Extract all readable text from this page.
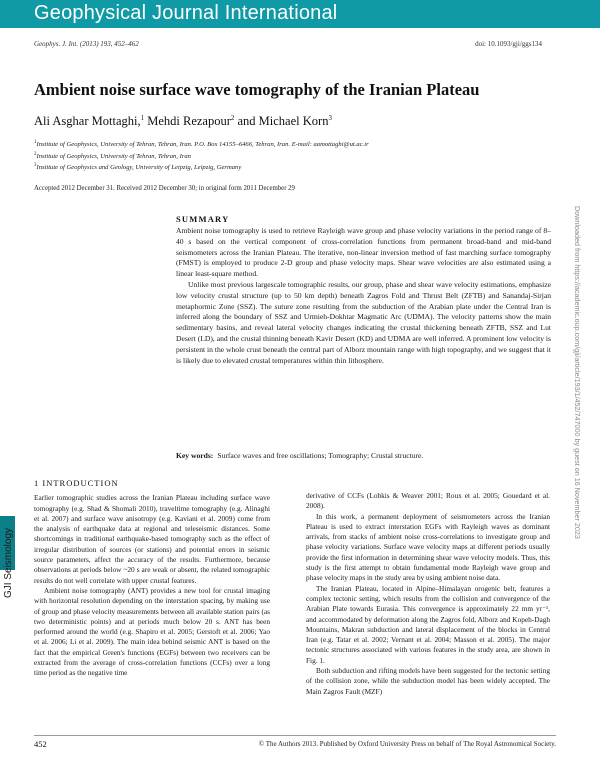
Geophysical Journal International
Geophys. J. Int. (2013) 193, 452–462	doi: 10.1093/gji/ggs134
Ambient noise surface wave tomography of the Iranian Plateau
Ali Asghar Mottaghi,$^1$ Mehdi Rezapour$^2$ and Michael Korn$^3$
$^1$Institute of Geophysics, University of Tehran, Tehran, Iran. P.O. Box 14155–6466, Tehran, Iran. E-mail: aamottaghi@ut.ac.ir
$^2$Institute of Geophysics, University of Tehran, Tehran, Iran
$^3$Institute of Geophysics and Geology, University of Leipzig, Leipzig, Germany
Accepted 2012 December 31. Received 2012 December 30; in original form 2011 December 29
SUMMARY

Ambient noise tomography is used to retrieve Rayleigh wave group and phase velocity variations in the period range of 8–40 s based on the vertical component of cross-correlation functions from permanent broad-band and mid-band seismometers across the Iranian Plateau. The iterative, non-linear inversion method of fast marching surface tomography (FMST) is employed to produce 2-D group and phase velocity maps. Shear wave velocities are also estimated using a linear least-square method.

Unlike most previous largescale tomographic results, our group, phase and shear wave velocity estimations, emphasize low velocity crustal structure (up to 50 km depth) beneath Zagros Fold and Thrust Belt (ZFTB) and Sanandaj-Sirjan metaphormic Zone (SSZ). The suture zone resulting from the subduction of the Arabian plate under the Central Iran is inferred along the boundary of SSZ and Urmieh-Dokhtar Magmatic Arc (UDMA). The velocity patterns show the main sedimentary basins, and reveal lateral velocity changes indicating the crustal thickening beneath ZFTB, SSZ and Lut Desert (LD), and the crustal thinning beneath Kavir Desert (KD) and UDMA are well inferred. A prominent low velocity is persistent in the whole crust beneath the central part of Alborz mountain range with high topography, and we suggest that it is likely due to elevated crustal temperatures within thin lithosphere.

Key words: Surface waves and free oscillations; Tomography; Crustal structure.
GJI Seismology
Downloaded from https://academic.oup.com/gji/article/193/1/452/747000 by guest on 16 November 2023
1 INTRODUCTION

Earlier tomographic studies across the Iranian Plateau including surface wave tomography (e.g. Shad & Shomali 2010), traveltime tomography (e.g. Alinaghi et al. 2007) and surface wave anisotropy (e.g. Kaviani et al. 2009) come from the analysis of earthquake data at regional and teleseismic distances. Some shortcomings in traditional earthquake-based tomography such as the effect of irregular distribution of sources (or stations) and potential errors in seismic source parameters, affect the accuracy of the results. Furthermore, because observations at periods below ~20 s are weak or absent, the related tomographic results do not well correlate with upper crustal features.

Ambient noise tomography (ANT) provides a new tool for crustal imaging with horizontal resolution depending on the interstation spacing, by making use of group and phase velocity measurements between all available station pairs (as two deterministic points) and at periods much below 20 s. ANT has been performed around the world (e.g. Shapiro et al. 2005; Gerstoft et al. 2006; Yao et al. 2006; Li et al. 2009). The main idea behind seismic ANT is based on the fact that the empirical Green's functions (EGFs) between two receivers can be extracted from the average of cross-correlation functions (CCFs) over a long time period as the negative time

derivative of CCFs (Lobkis & Weaver 2001; Roux et al. 2005; Gouedard et al. 2008).

In this work, a permanent deployment of seismometers across the Iranian Plateau is used to extract interstation EGFs with Rayleigh waves as dominant arrivals, from stacks of ambient noise cross-correlations to investigate group and phase velocity variations. Surface wave velocity maps at different periods usually provide the first information in determining shear wave velocity models. Thus, this study is the first attempt to obtain fundamental mode Rayleigh wave group and phase velocity maps in the study area by using ambient noise data.

The Iranian Plateau, located in Alpine–Himalayan orogenic belt, features a complex tectonic setting, which results from the collision and convergence of the Arabian Plate towards Eurasia. This convergence is approximately 22 mm yr⁻¹, and accommodated by deformation along the Zagros fold, Alborz and Kopeh-Dagh Mountains, Makran subduction and lateral displacement of the blocks in Central Iran (e.g. Tatar et al. 2002; Vernant et al. 2004; Masson et al. 2005). The major tectonic structures associated with various features in the study area, are shown in Fig. 1.

Both subduction and rifting models have been suggested for the tectonic setting of the collision zone, while the subduction model has been widely accepted. The Main Zagros Fault (MZF)

452	© The Authors 2013. Published by Oxford University Press on behalf of The Royal Astronomical Society.
